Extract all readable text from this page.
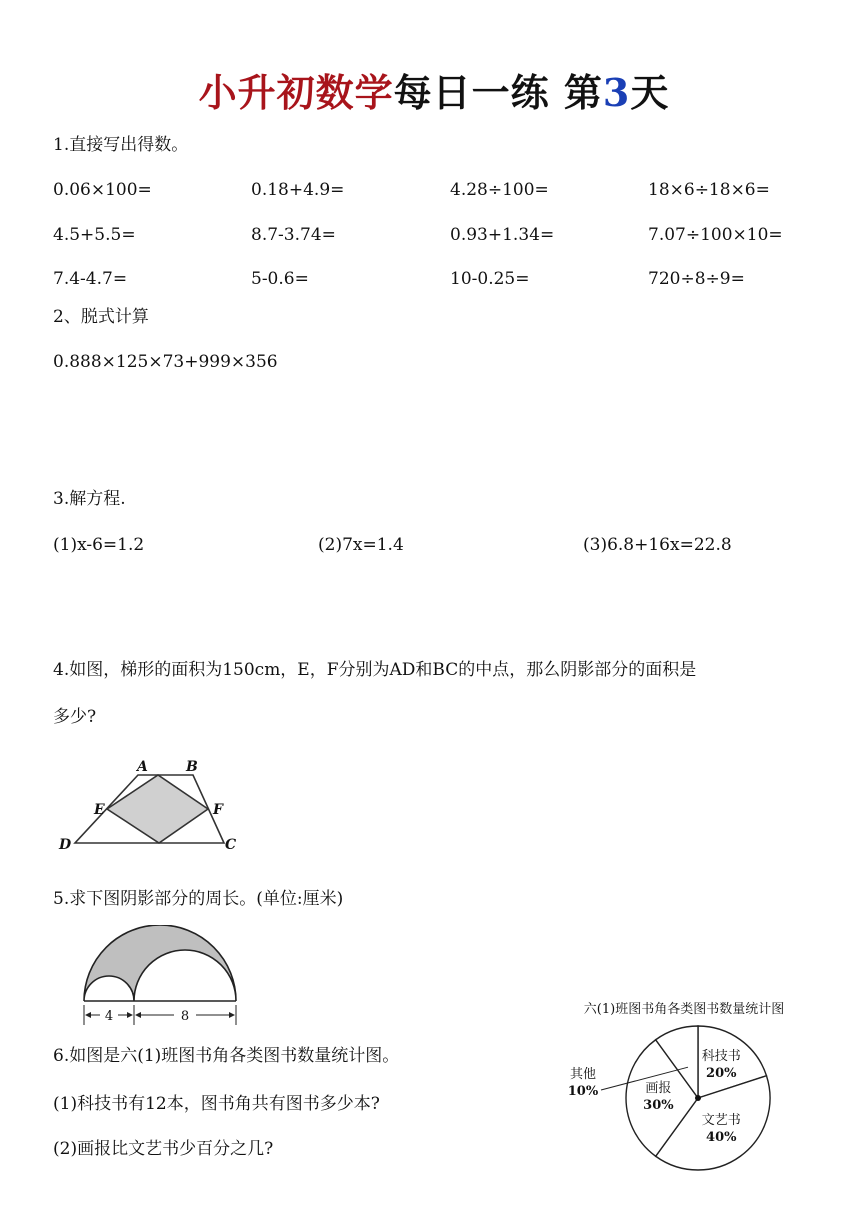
小升初数学每日一练 第3天
1.直接写出得数。
0.06×100=	0.18+4.9=	4.28÷100=	18×6÷18×6=
4.5+5.5=	8.7-3.74=	0.93+1.34=	7.07÷100×10=
7.4-4.7=	5-0.6=	10-0.25=	720÷8÷9=
2、脱式计算
0.888×125×73+999×356
3.解方程.
(1)x-6=1.2	(2)7x=1.4	(3)6.8+16x=22.8
4.如图，梯形的面积为150cm，E，F分别为AD和BC的中点，那么阴影部分的面积是
多少?
A	B
E	F
D	C
5.求下图阴影部分的周长。(单位:厘米)
4	8
6.如图是六(1)班图书角各类图书数量统计图。
(1)科技书有12本，图书角共有图书多少本?
(2)画报比文艺书少百分之几?
六(1)班图书角各类图书数量统计图
科技书
20%
文艺书
40%
画报
30%
其他
10%
